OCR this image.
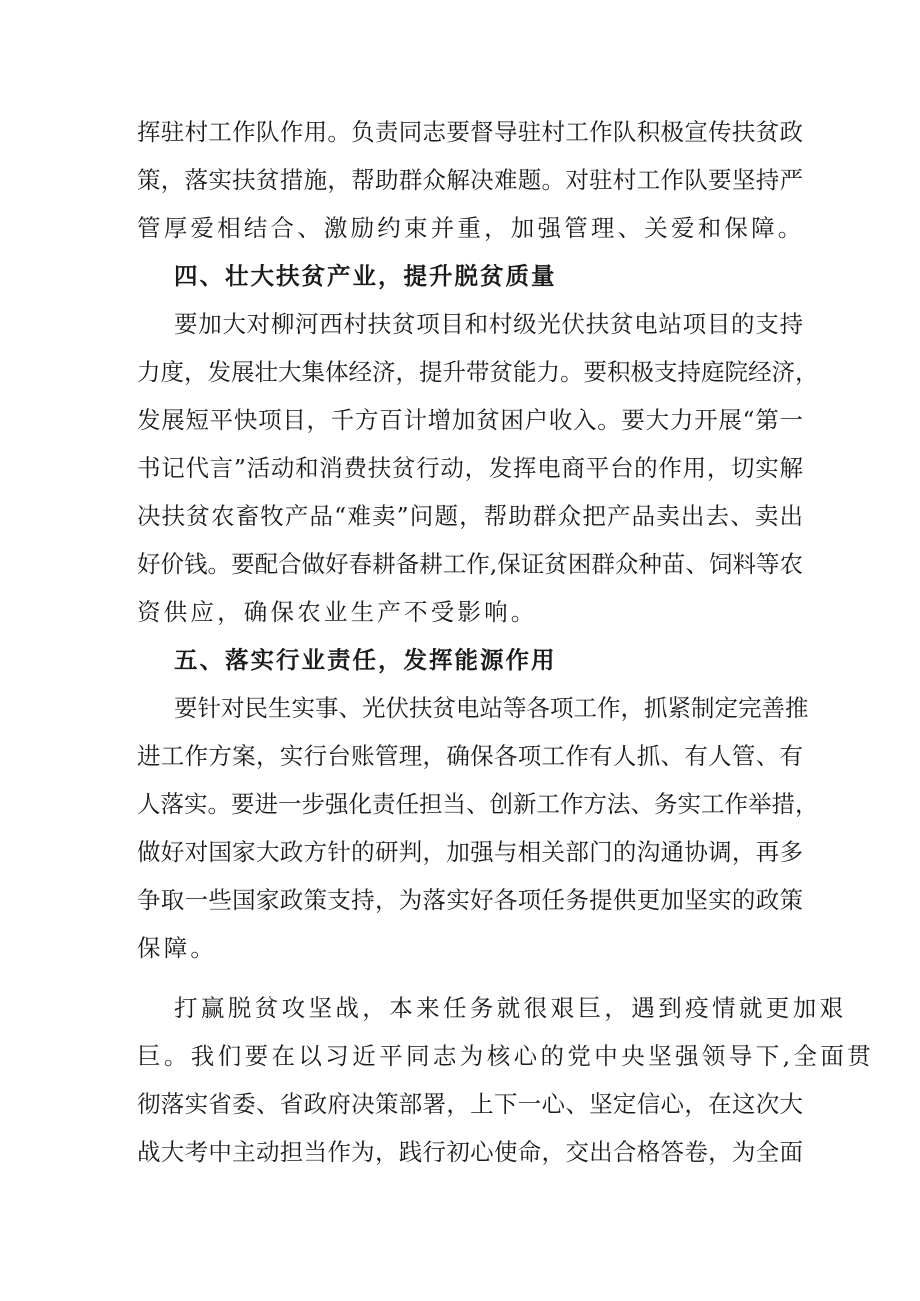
挥驻村工作队作用。负责同志要督导驻村工作队积极宣传扶贫政
策，落实扶贫措施，帮助群众解决难题。对驻村工作队要坚持严
管厚爱相结合、激励约束并重，加强管理、关爱和保障。
四、壮大扶贫产业，提升脱贫质量
要加大对柳河西村扶贫项目和村级光伏扶贫电站项目的支持
力度，发展壮大集体经济，提升带贫能力。要积极支持庭院经济，
发展短平快项目，千方百计增加贫困户收入。要大力开展“第一
书记代言”活动和消费扶贫行动，发挥电商平台的作用，切实解
决扶贫农畜牧产品“难卖”问题，帮助群众把产品卖出去、卖出
好价钱。要配合做好春耕备耕工作,保证贫困群众种苗、饲料等农
资供应，确保农业生产不受影响。
五、落实行业责任，发挥能源作用
要针对民生实事、光伏扶贫电站等各项工作，抓紧制定完善推
进工作方案，实行台账管理，确保各项工作有人抓、有人管、有
人落实。要进一步强化责任担当、创新工作方法、务实工作举措，
做好对国家大政方针的研判，加强与相关部门的沟通协调，再多
争取一些国家政策支持，为落实好各项任务提供更加坚实的政策
保障。
打赢脱贫攻坚战，本来任务就很艰巨，遇到疫情就更加艰
巨。我们要在以习近平同志为核心的党中央坚强领导下,全面贯
彻落实省委、省政府决策部署，上下一心、坚定信心，在这次大
战大考中主动担当作为，践行初心使命，交出合格答卷，为全面
